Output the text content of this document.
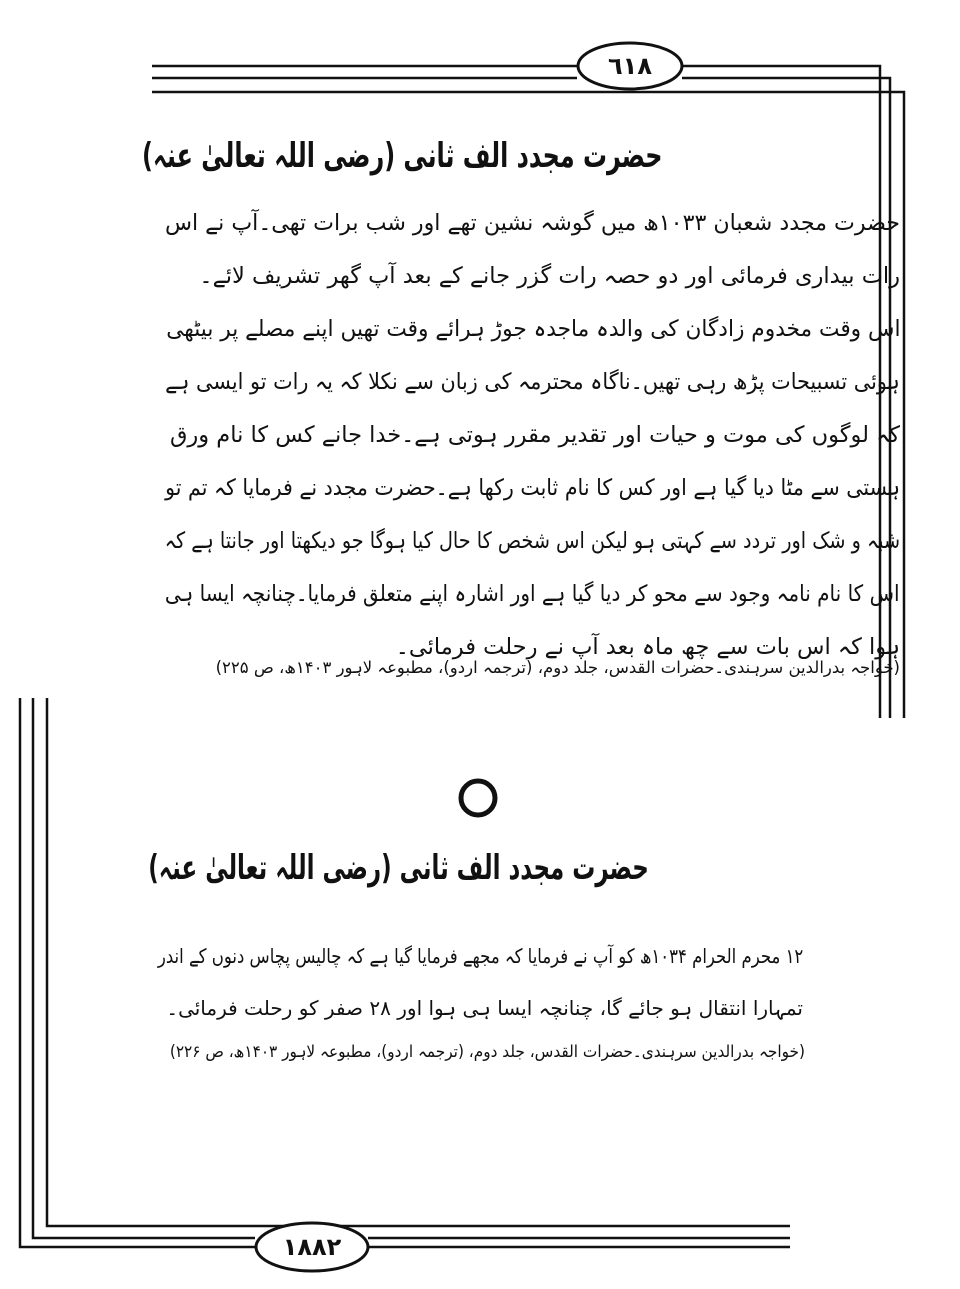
٦١٨
١٨٨٢
حضرت مجدد الف ثانی (رضی اللہ تعالیٰ عنہ)
حضرت مجدد شعبان ۱۰۳۳ھ میں گوشہ نشین تھے اور شب برات تھی۔آپ نے اس
رات بیداری فرمائی اور دو حصہ رات گزر جانے کے بعد آپ گھر تشریف لائے۔
اس وقت مخدوم زادگان کی والدہ ماجدہ جوڑ ہرائے وقت تھیں اپنے مصلے پر بیٹھی
ہوئی تسبیحات پڑھ رہی تھیں۔ناگاہ محترمہ کی زبان سے نکلا کہ یہ رات تو ایسی ہے
کہ لوگوں کی موت و حیات اور تقدیر مقرر ہوتی ہے۔خدا جانے کس کا نام ورق
ہستی سے مٹا دیا گیا ہے اور کس کا نام ثابت رکھا ہے۔حضرت مجدد نے فرمایا کہ تم تو
شبہ و شک اور تردد سے کہتی ہو لیکن اس شخص کا حال کیا ہوگا جو دیکھتا اور جانتا ہے کہ
اس کا نام نامہ وجود سے محو کر دیا گیا ہے اور اشارہ اپنے متعلق فرمایا۔چنانچہ ایسا ہی
ہوا کہ اس بات سے چھ ماہ بعد آپ نے رحلت فرمائی۔
(خواجہ بدرالدین سرہندی۔حضرات القدس، جلد دوم، (ترجمہ اردو)، مطبوعہ لاہور ۱۴۰۳ھ، ص ۲۲۵)
حضرت مجدد الف ثانی (رضی اللہ تعالیٰ عنہ)
۱۲ محرم الحرام ۱۰۳۴ھ کو آپ نے فرمایا کہ مجھے فرمایا گیا ہے کہ چالیس پچاس دنوں کے اندر
تمہارا انتقال ہو جائے گا، چنانچہ ایسا ہی ہوا اور ۲۸ صفر کو رحلت فرمائی۔
(خواجہ بدرالدین سرہندی۔حضرات القدس، جلد دوم، (ترجمہ اردو)، مطبوعہ لاہور ۱۴۰۳ھ، ص ۲۲۶)
